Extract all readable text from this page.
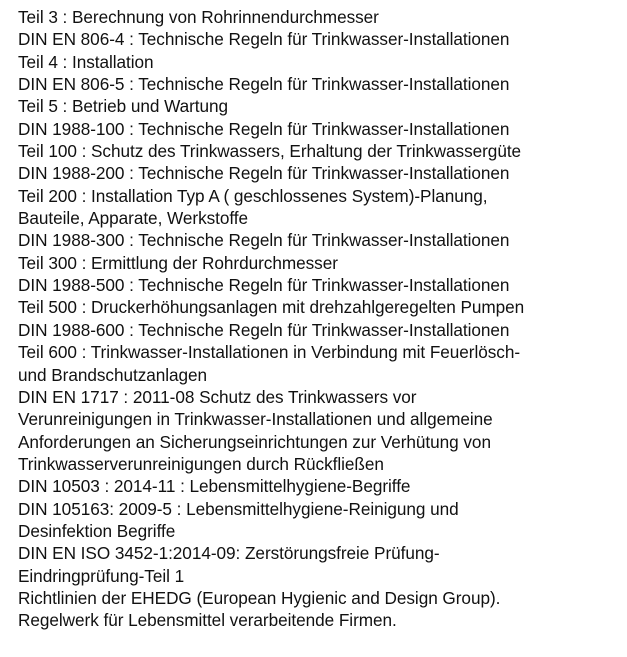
Teil 3 : Berechnung von Rohrinnendurchmesser

DIN EN 806-4 : Technische Regeln für Trinkwasser-Installationen

Teil 4 : Installation

DIN EN 806-5 : Technische Regeln für Trinkwasser-Installationen

Teil 5 : Betrieb und Wartung

DIN 1988-100 : Technische Regeln für Trinkwasser-Installationen

Teil 100 : Schutz des Trinkwassers, Erhaltung der Trinkwassergüte

DIN 1988-200 : Technische Regeln für Trinkwasser-Installationen

Teil 200 : Installation Typ A ( geschlossenes System)-Planung,

Bauteile, Apparate, Werkstoffe

DIN 1988-300 : Technische Regeln für Trinkwasser-Installationen

Teil 300 : Ermittlung der Rohrdurchmesser

DIN 1988-500 : Technische Regeln für Trinkwasser-Installationen

Teil 500 : Druckerhöhungsanlagen mit drehzahlgeregelten Pumpen

DIN 1988-600 : Technische Regeln für Trinkwasser-Installationen

Teil 600 : Trinkwasser-Installationen in Verbindung mit Feuerlösch-

und Brandschutzanlagen

DIN EN 1717 : 2011-08 Schutz des Trinkwassers vor

Verunreinigungen in Trinkwasser-Installationen und allgemeine

Anforderungen an Sicherungseinrichtungen zur Verhütung von

Trinkwasserverunreinigungen durch Rückfließen

DIN 10503 : 2014-11 : Lebensmittelhygiene-Begriffe

DIN 105163: 2009-5 : Lebensmittelhygiene-Reinigung und

Desinfektion Begriffe

DIN EN ISO 3452-1:2014-09: Zerstörungsfreie Prüfung-

Eindringprüfung-Teil 1

Richtlinien der EHEDG (European Hygienic and Design Group).

Regelwerk für Lebensmittel verarbeitende Firmen.
